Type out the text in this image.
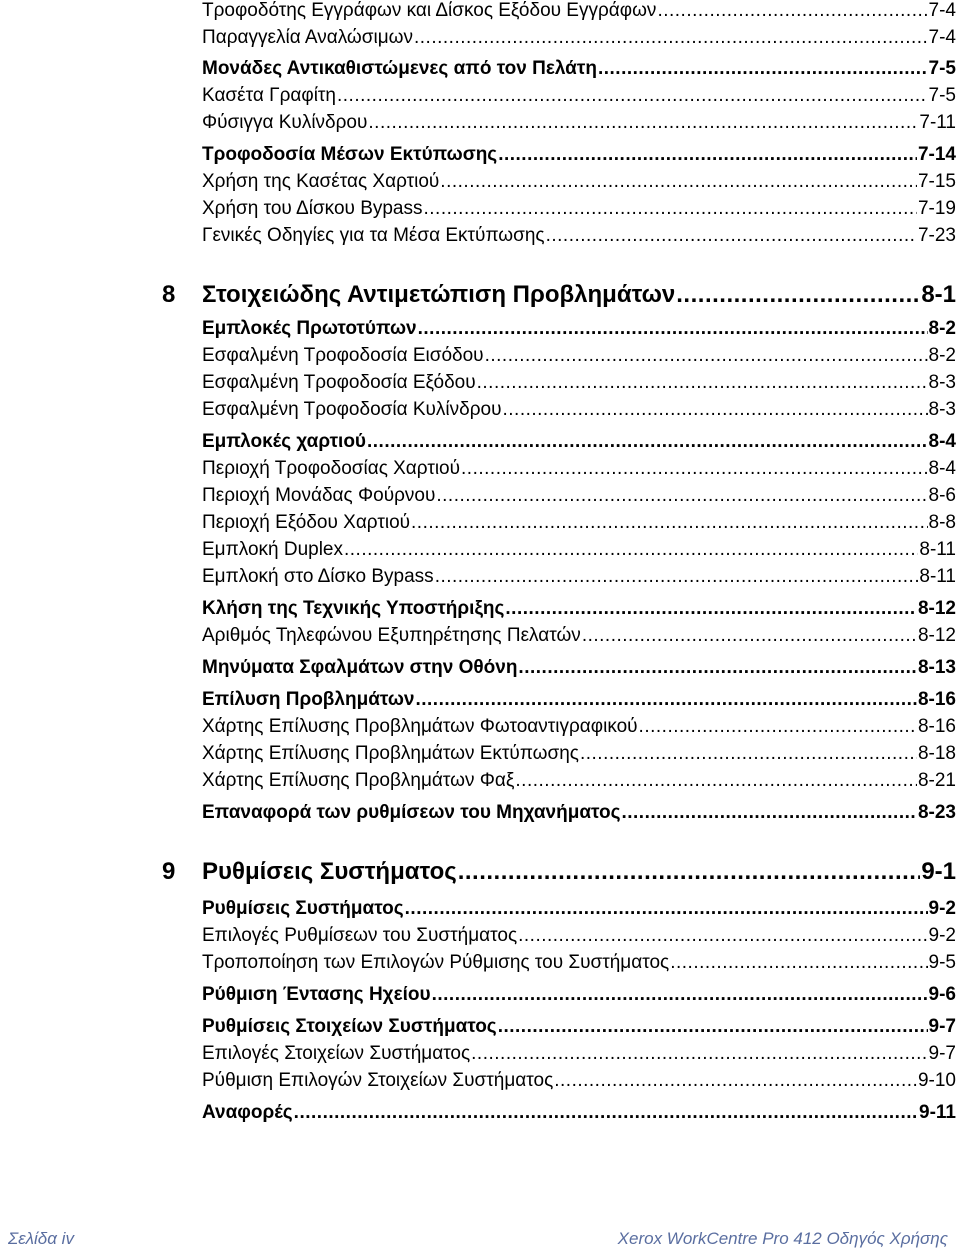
Τροφοδότης Εγγράφων και Δίσκος Εξόδου Εγγράφων .....	7-4
Παραγγελία Αναλώσιμων .....	7-4
Μονάδες Αντικαθιστώμενες από τον Πελάτη .....	7-5
Κασέτα Γραφίτη .....	7-5
Φύσιγγα Κυλίνδρου .....	7-11
Τροφοδοσία Μέσων Εκτύπωσης .....	7-14
Χρήση της Κασέτας Χαρτιού .....	7-15
Χρήση του Δίσκου Bypass .....	7-19
Γενικές Οδηγίες για τα Μέσα Εκτύπωσης .....	7-23
8 Στοιχειώδης Αντιμετώπιση Προβλημάτων .....	8-1
Εμπλοκές Πρωτοτύπων .....	8-2
Εσφαλμένη Τροφοδοσία Εισόδου .....	8-2
Εσφαλμένη Τροφοδοσία Εξόδου .....	8-3
Εσφαλμένη Τροφοδοσία Κυλίνδρου .....	8-3
Εμπλοκές χαρτιού .....	8-4
Περιοχή Τροφοδοσίας Χαρτιού .....	8-4
Περιοχή Μονάδας Φούρνου .....	8-6
Περιοχή Εξόδου Χαρτιού .....	8-8
Εμπλοκή Duplex .....	8-11
Εμπλοκή στο Δίσκο Bypass .....	8-11
Κλήση της Τεχνικής Υποστήριξης .....	8-12
Αριθμός Τηλεφώνου Εξυπηρέτησης Πελατών .....	8-12
Μηνύματα Σφαλμάτων στην Οθόνη .....	8-13
Επίλυση Προβλημάτων .....	8-16
Χάρτης Επίλυσης Προβλημάτων Φωτοαντιγραφικού .....	8-16
Χάρτης Επίλυσης Προβλημάτων Εκτύπωσης .....	8-18
Χάρτης Επίλυσης Προβλημάτων Φαξ .....	8-21
Επαναφορά των ρυθμίσεων του Μηχανήματος .....	8-23
9 Ρυθμίσεις Συστήματος .....	9-1
Ρυθμίσεις Συστήματος .....	9-2
Επιλογές Ρυθμίσεων του Συστήματος .....	9-2
Τροποποίηση των Επιλογών Ρύθμισης του Συστήματος .....	9-5
Ρύθμιση Έντασης Ηχείου .....	9-6
Ρυθμίσεις Στοιχείων Συστήματος .....	9-7
Επιλογές Στοιχείων Συστήματος .....	9-7
Ρύθμιση Επιλογών Στοιχείων Συστήματος .....	9-10
Αναφορές .....	9-11
Σελίδα iv	Xerox WorkCentre Pro 412 Οδηγός Χρήσης
